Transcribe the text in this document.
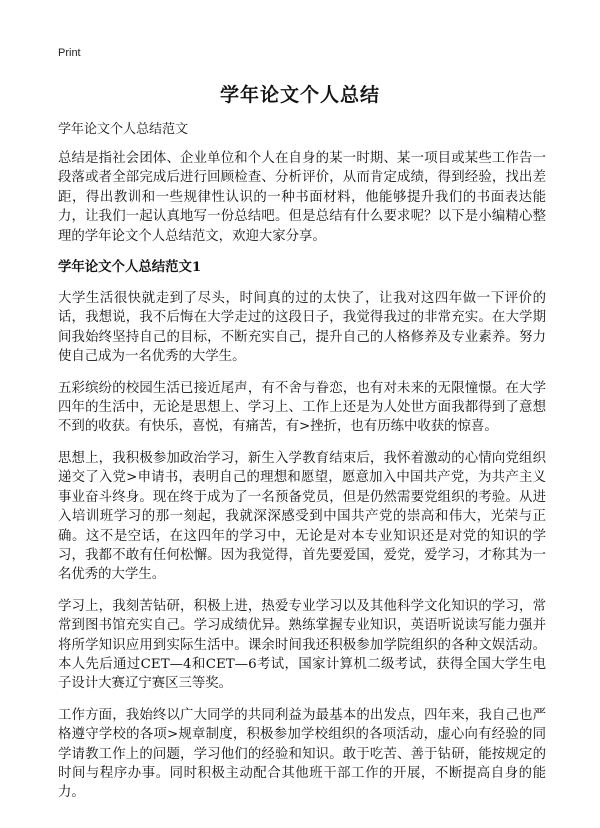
Print
学年论文个人总结
学年论文个人总结范文

总结是指社会团体、企业单位和个人在自身的某一时期、某一项目或某些工作告一段落或者全部完成后进行回顾检查、分析评价，从而肯定成绩，得到经验，找出差距，得出教训和一些规律性认识的一种书面材料，他能够提升我们的书面表达能力，让我们一起认真地写一份总结吧。但是总结有什么要求呢？以下是小编精心整理的学年论文个人总结范文，欢迎大家分享。

学年论文个人总结范文1

大学生活很快就走到了尽头，时间真的过的太快了，让我对这四年做一下评价的话，我想说，我不后悔在大学走过的这段日子，我觉得我过的非常充实。在大学期间我始终坚持自己的目标，不断充实自己，提升自己的人格修养及专业素养。努力使自己成为一名优秀的大学生。

五彩缤纷的校园生活已接近尾声，有不舍与眷恋，也有对未来的无限憧憬。在大学四年的生活中，无论是思想上、学习上、工作上还是为人处世方面我都得到了意想不到的收获。有快乐，喜悦，有痛苦，有>挫折，也有历练中收获的惊喜。

思想上，我积极参加政治学习，新生入学教育结束后，我怀着激动的心情向党组织递交了入党>申请书，表明自己的理想和愿望，愿意加入中国共产党，为共产主义事业奋斗终身。现在终于成为了一名预备党员，但是仍然需要党组织的考验。从进入培训班学习的那一刻起，我就深深感受到中国共产党的崇高和伟大，光荣与正确。这不是空话，在这四年的学习中，无论是对本专业知识还是对党的知识的学习，我都不敢有任何松懈。因为我觉得，首先要爱国，爱党，爱学习，才称其为一名优秀的大学生。

学习上，我刻苦钻研，积极上进，热爱专业学习以及其他科学文化知识的学习，常常到图书馆充实自己。学习成绩优异。熟练掌握专业知识，英语听说读写能力强并将所学知识应用到实际生活中。课余时间我还积极参加学院组织的各种文娱活动。本人先后通过CET—4和CET—6考试，国家计算机二级考试，获得全国大学生电子设计大赛辽宁赛区三等奖。

工作方面，我始终以广大同学的共同利益为最基本的出发点，四年来，我自己也严格遵守学校的各项>规章制度，积极参加学校组织的各项活动，虚心向有经验的同学请教工作上的问题，学习他们的经验和知识。敢于吃苦、善于钻研，能按规定的时间与程序办事。同时积极主动配合其他班干部工作的开展，不断提高自身的能力。
